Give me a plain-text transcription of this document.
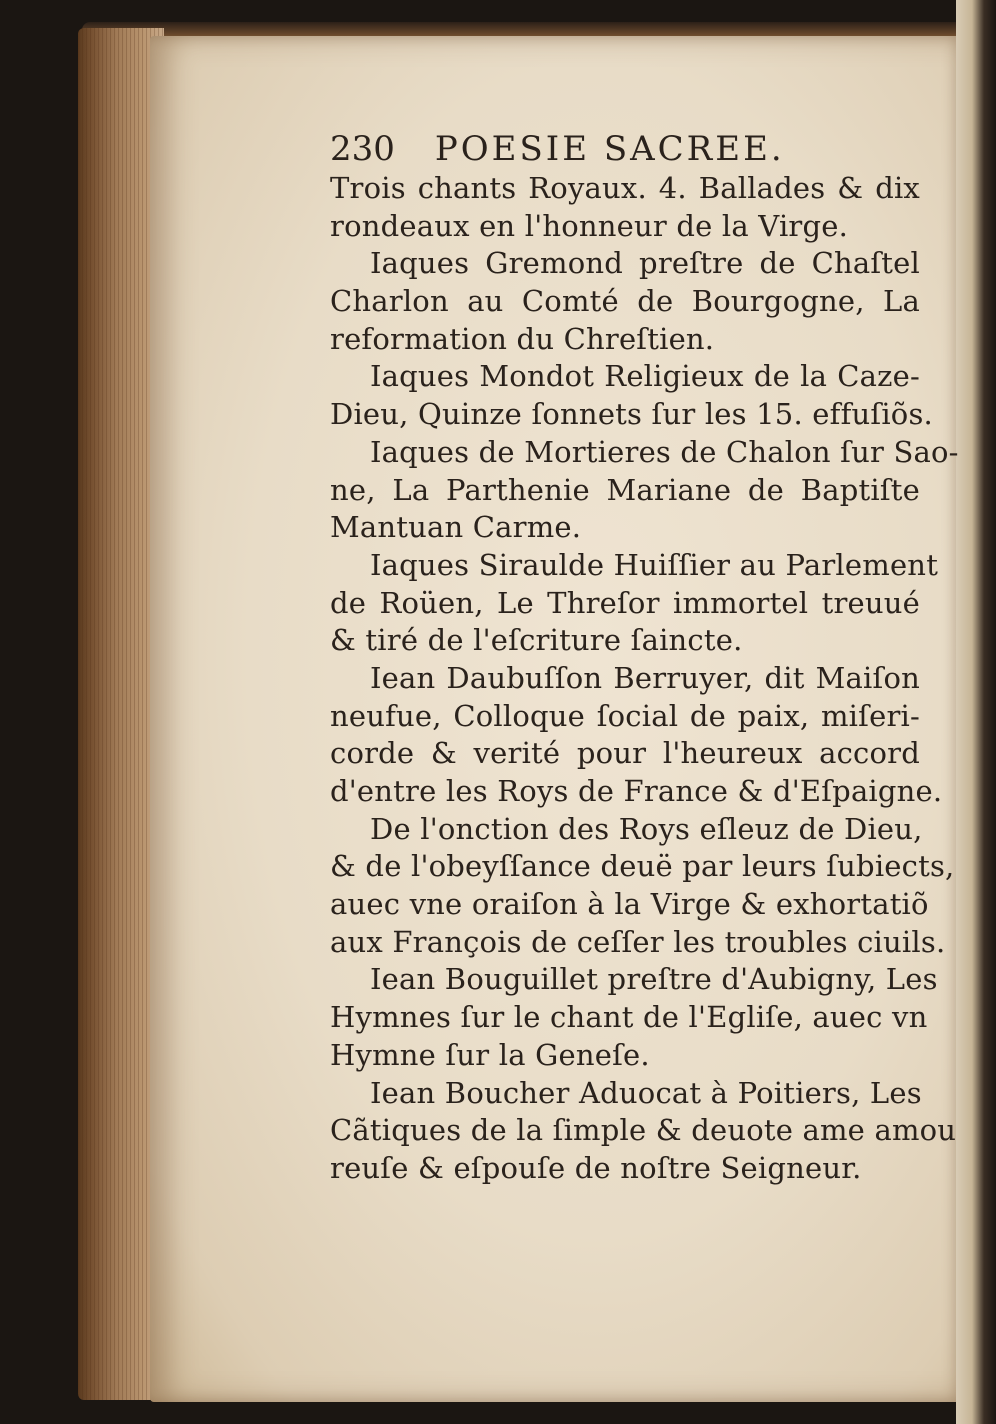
230 POESIE SACREE.
Trois chants Royaux. 4. Ballades & dix
rondeaux en l'honneur de la Virge.
Iaques Gremond preſtre de Chaſtel
Charlon au Comté de Bourgogne, La
reformation du Chreſtien.
Iaques Mondot Religieux de la Caze-
Dieu, Quinze ſonnets ſur les 15. effuſiõs.
Iaques de Mortieres de Chalon ſur Sao-
ne, La Parthenie Mariane de Baptiſte
Mantuan Carme.
Iaques Siraulde Huiſſier au Parlement
de Roüen, Le Threſor immortel treuué
& tiré de l'eſcriture ſaincte.
Iean Daubuſſon Berruyer, dit Maiſon
neufue, Colloque ſocial de paix, miſeri-
corde & verité pour l'heureux accord
d'entre les Roys de France & d'Eſpaigne.
De l'onction des Roys eſleuz de Dieu,
& de l'obeyſſance deuë par leurs ſubiects,
auec vne oraiſon à la Virge & exhortatiõ
aux François de ceſſer les troubles ciuils.
Iean Bouguillet preſtre d'Aubigny, Les
Hymnes ſur le chant de l'Egliſe, auec vn
Hymne ſur la Geneſe.
Iean Boucher Aduocat à Poitiers, Les
Cãtiques de la ſimple & deuote ame amou
reuſe & eſpouſe de noſtre Seigneur.
